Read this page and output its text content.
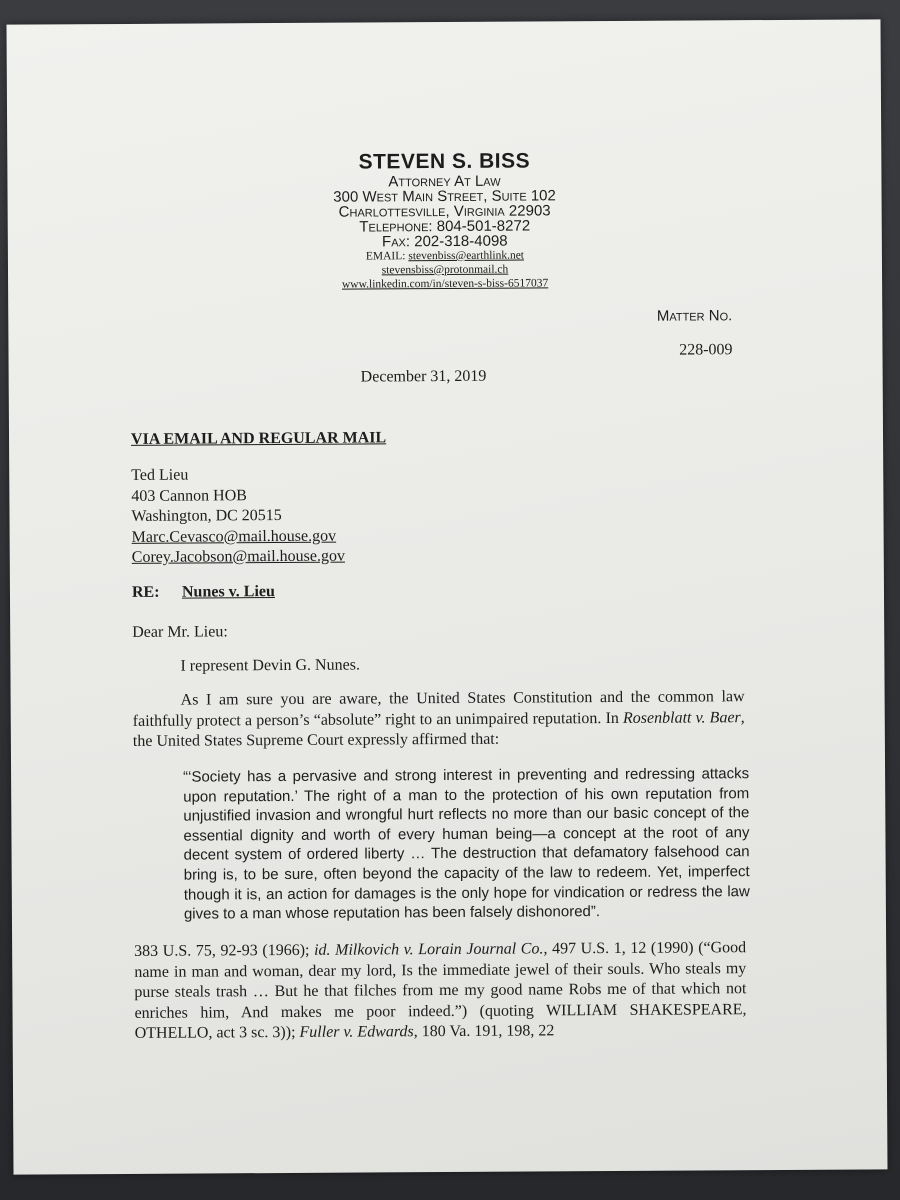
STEVEN S. BISS
Attorney At Law
300 West Main Street, Suite 102
Charlottesville, Virginia 22903
Telephone: 804-501-8272
Fax: 202-318-4098
EMAIL: stevenbiss@earthlink.net
stevensbiss@protonmail.ch
www.linkedin.com/in/steven-s-biss-6517037
Matter No.
228-009
December 31, 2019
VIA EMAIL AND REGULAR MAIL
Ted Lieu
403 Cannon HOB
Washington, DC 20515
Marc.Cevasco@mail.house.gov
Corey.Jacobson@mail.house.gov
RE: Nunes v. Lieu
Dear Mr. Lieu:
I represent Devin G. Nunes.
As I am sure you are aware, the United States Constitution and the common law faithfully protect a person’s “absolute” right to an unimpaired reputation. In Rosenblatt v. Baer, the United States Supreme Court expressly affirmed that:
“‘Society has a pervasive and strong interest in preventing and redressing attacks upon reputation.’ The right of a man to the protection of his own reputation from unjustified invasion and wrongful hurt reflects no more than our basic concept of the essential dignity and worth of every human being—a concept at the root of any decent system of ordered liberty … The destruction that defamatory falsehood can bring is, to be sure, often beyond the capacity of the law to redeem. Yet, imperfect though it is, an action for damages is the only hope for vindication or redress the law gives to a man whose reputation has been falsely dishonored”.
383 U.S. 75, 92-93 (1966); id. Milkovich v. Lorain Journal Co., 497 U.S. 1, 12 (1990) (“Good name in man and woman, dear my lord, Is the immediate jewel of their souls. Who steals my purse steals trash … But he that filches from me my good name Robs me of that which not enriches him, And makes me poor indeed.”) (quoting WILLIAM SHAKESPEARE, OTHELLO, act 3 sc. 3)); Fuller v. Edwards, 180 Va. 191, 198, 22
